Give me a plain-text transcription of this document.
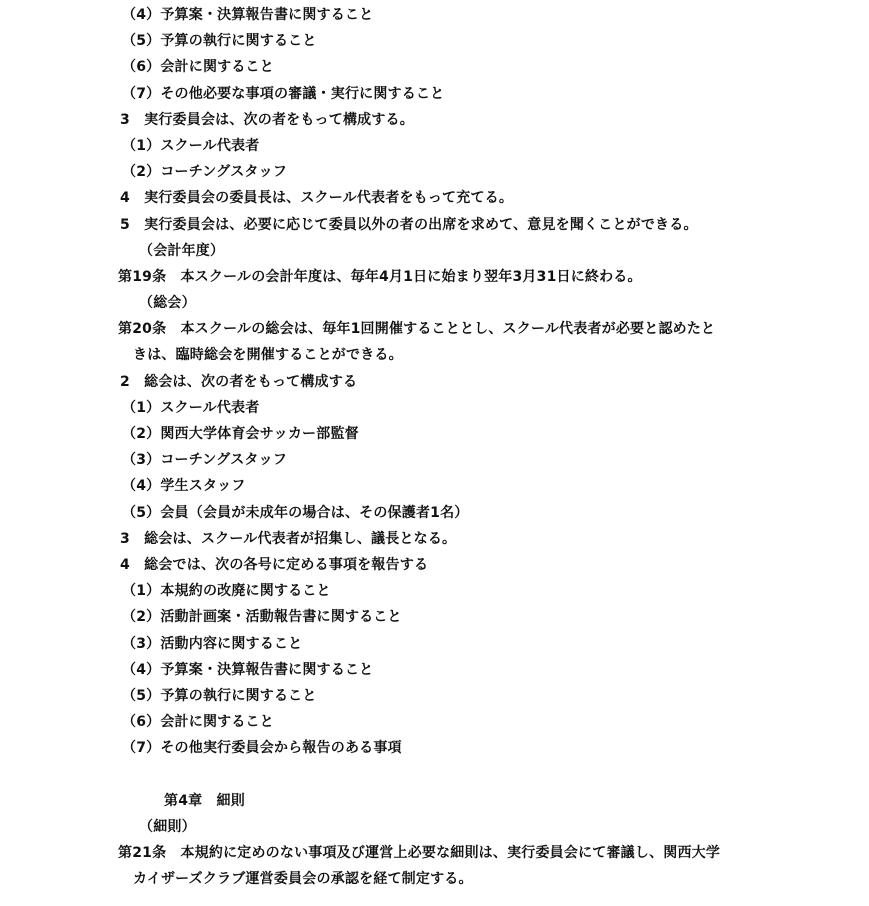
（4）予算案・決算報告書に関すること
（5）予算の執行に関すること
（6）会計に関すること
（7）その他必要な事項の審議・実行に関すること
3　実行委員会は、次の者をもって構成する。
（1）スクール代表者
（2）コーチングスタッフ
4　実行委員会の委員長は、スクール代表者をもって充てる。
5　実行委員会は、必要に応じて委員以外の者の出席を求めて、意見を聞くことができる。
（会計年度）
第19条　本スクールの会計年度は、毎年4月1日に始まり翌年3月31日に終わる。
（総会）
第20条　本スクールの総会は、毎年1回開催することとし、スクール代表者が必要と認めたと
きは、臨時総会を開催することができる。
2　総会は、次の者をもって構成する
（1）スクール代表者
（2）関西大学体育会サッカー部監督
（3）コーチングスタッフ
（4）学生スタッフ
（5）会員（会員が未成年の場合は、その保護者1名）
3　総会は、スクール代表者が招集し、議長となる。
4　総会では、次の各号に定める事項を報告する
（1）本規約の改廃に関すること
（2）活動計画案・活動報告書に関すること
（3）活動内容に関すること
（4）予算案・決算報告書に関すること
（5）予算の執行に関すること
（6）会計に関すること
（7）その他実行委員会から報告のある事項
第4章　細則
（細則）
第21条　本規約に定めのない事項及び運営上必要な細則は、実行委員会にて審議し、関西大学
カイザーズクラブ運営委員会の承認を経て制定する。
